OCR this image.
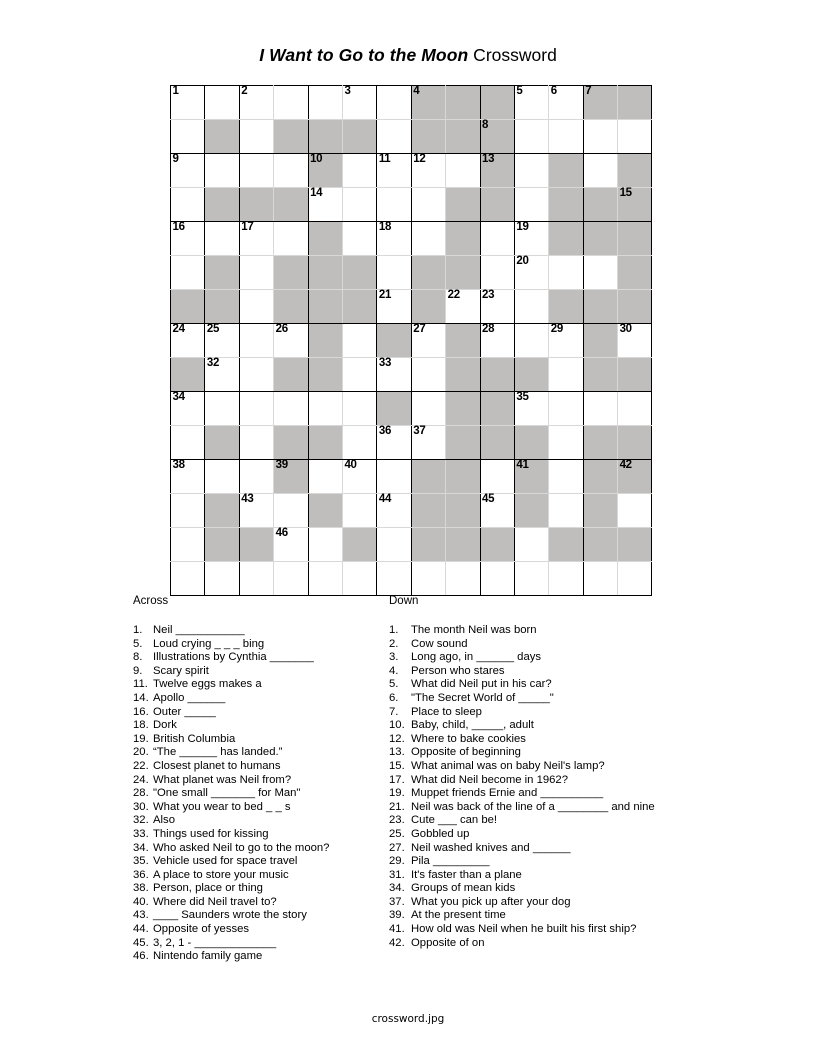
I Want to Go to the Moon Crossword
1		2			3		4			5	6	7	

									8				

9				10		11	12		13				

				14									15

16		17				18				19			

										20			

						21		22	23				

24	25		26				27		28		29		30

	32					33							

34										35			

						36	37						

38			39		40					41			42

		43				44			45				

			46										

Across
1. Neil ___________
5. Loud crying _ _ _ bing
8. Illustrations by Cynthia _______
9. Scary spirit
11. Twelve eggs makes a
14. Apollo ______
16. Outer _____
18. Dork
19. British Columbia
20. “The ______ has landed.”
22. Closest planet to humans
24. What planet was Neil from?
28. "One small _______ for Man"
30. What you wear to bed _ _ s
32. Also
33. Things used for kissing
34. Who asked Neil to go to the moon?
35. Vehicle used for space travel
36. A place to store your music
38. Person, place or thing
40. Where did Neil travel to?
43. ____ Saunders wrote the story
44. Opposite of yesses
45. 3, 2, 1 - _____________
46. Nintendo family game
Down
1.	The month Neil was born
2.	Cow sound
3.	Long ago, in ______ days
4.	Person who stares
5.	What did Neil put in his car?
6.	"The Secret World of _____"
7.	Place to sleep
10. Baby, child, _____, adult
12. Where to bake cookies
13. Opposite of beginning
15. What animal was on baby Neil's lamp?
17. What did Neil become in 1962?
19. Muppet friends Ernie and __________
21. Neil was back of the line of a ________ and nine
23. Cute ___ can be!
25. Gobbled up
27. Neil washed knives and ______
29. Pila _________
31. It's faster than a plane
34. Groups of mean kids
37. What you pick up after your dog
39. At the present time
41. How old was Neil when he built his first ship?
42. Opposite of on
crossword.jpg
